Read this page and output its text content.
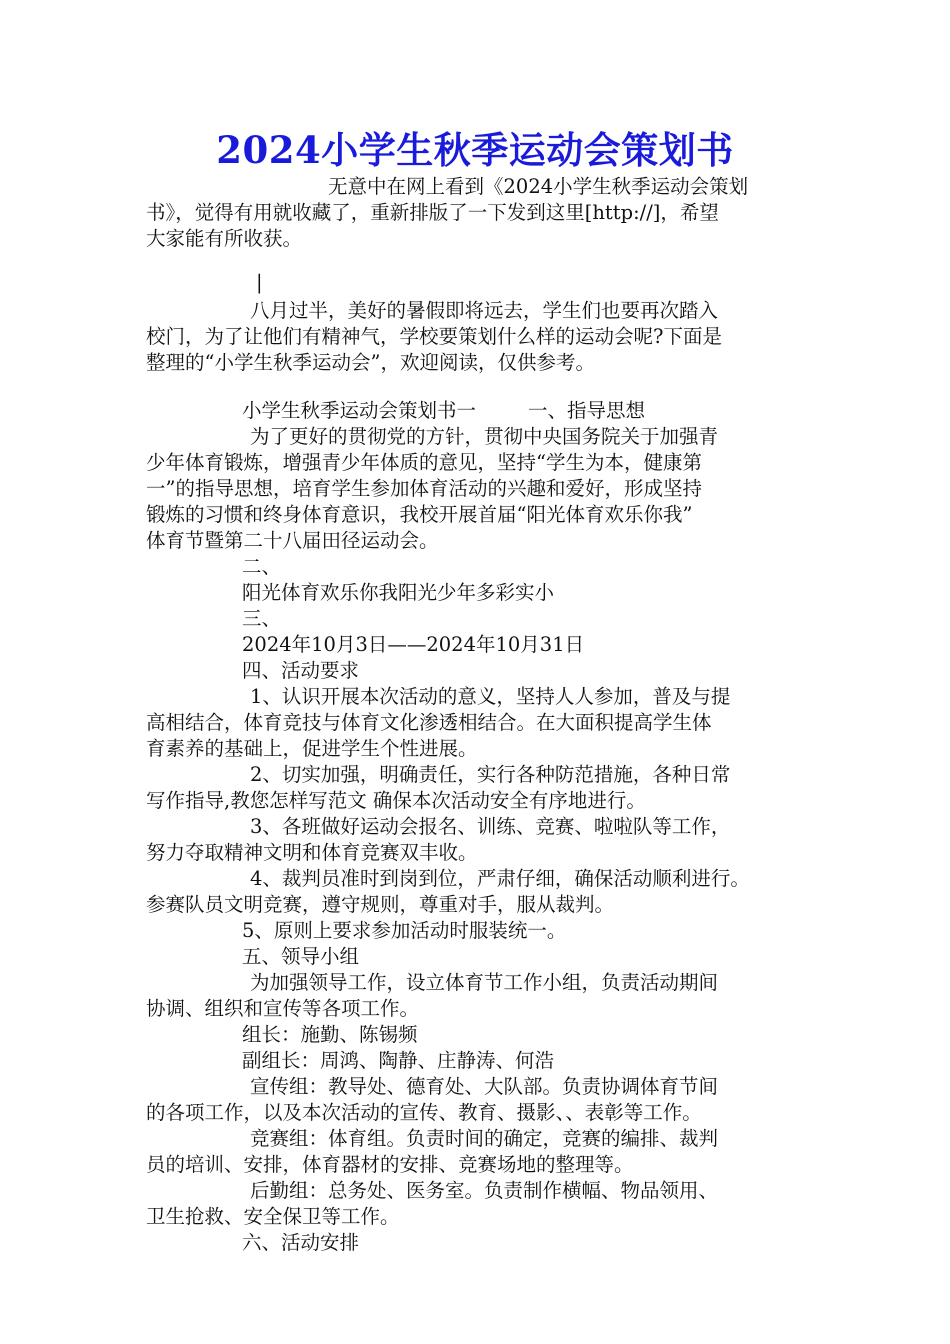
2024小学生秋季运动会策划书
无意中在网上看到《2024小学生秋季运动会策划
书》，觉得有用就收藏了，重新排版了一下发到这里[http://]，希望
大家能有所收获。
|
八月过半，美好的暑假即将远去，学生们也要再次踏入
校门，为了让他们有精神气，学校要策划什么样的运动会呢?下面是
整理的“小学生秋季运动会”，欢迎阅读，仅供参考。
小学生秋季运动会策划书一	一、指导思想
为了更好的贯彻党的方针，贯彻中央国务院关于加强青
少年体育锻炼，增强青少年体质的意见，坚持“学生为本，健康第
一”的指导思想，培育学生参加体育活动的兴趣和爱好，形成坚持
锻炼的习惯和终身体育意识，我校开展首届“阳光体育欢乐你我”
体育节暨第二十八届田径运动会。
二、
阳光体育欢乐你我阳光少年多彩实小
三、
2024年10月3日——2024年10月31日
四、活动要求
1、认识开展本次活动的意义，坚持人人参加，普及与提
高相结合，体育竞技与体育文化渗透相结合。在大面积提高学生体
育素养的基础上，促进学生个性进展。
2、切实加强，明确责任，实行各种防范措施，各种日常
写作指导,教您怎样写范文 确保本次活动安全有序地进行。
3、各班做好运动会报名、训练、竞赛、啦啦队等工作，
努力夺取精神文明和体育竞赛双丰收。
4、裁判员准时到岗到位，严肃仔细，确保活动顺利进行。
参赛队员文明竞赛，遵守规则，尊重对手，服从裁判。
5、原则上要求参加活动时服装统一。
五、领导小组
为加强领导工作，设立体育节工作小组，负责活动期间
协调、组织和宣传等各项工作。
组长：施勤、陈锡频
副组长：周鸿、陶静、庄静涛、何浩
宣传组：教导处、德育处、大队部。负责协调体育节间
的各项工作，以及本次活动的宣传、教育、摄影、、表彰等工作。
竞赛组：体育组。负责时间的确定，竞赛的编排、裁判
员的培训、安排，体育器材的安排、竞赛场地的整理等。
后勤组：总务处、医务室。负责制作横幅、物品领用、
卫生抢救、安全保卫等工作。
六、活动安排
